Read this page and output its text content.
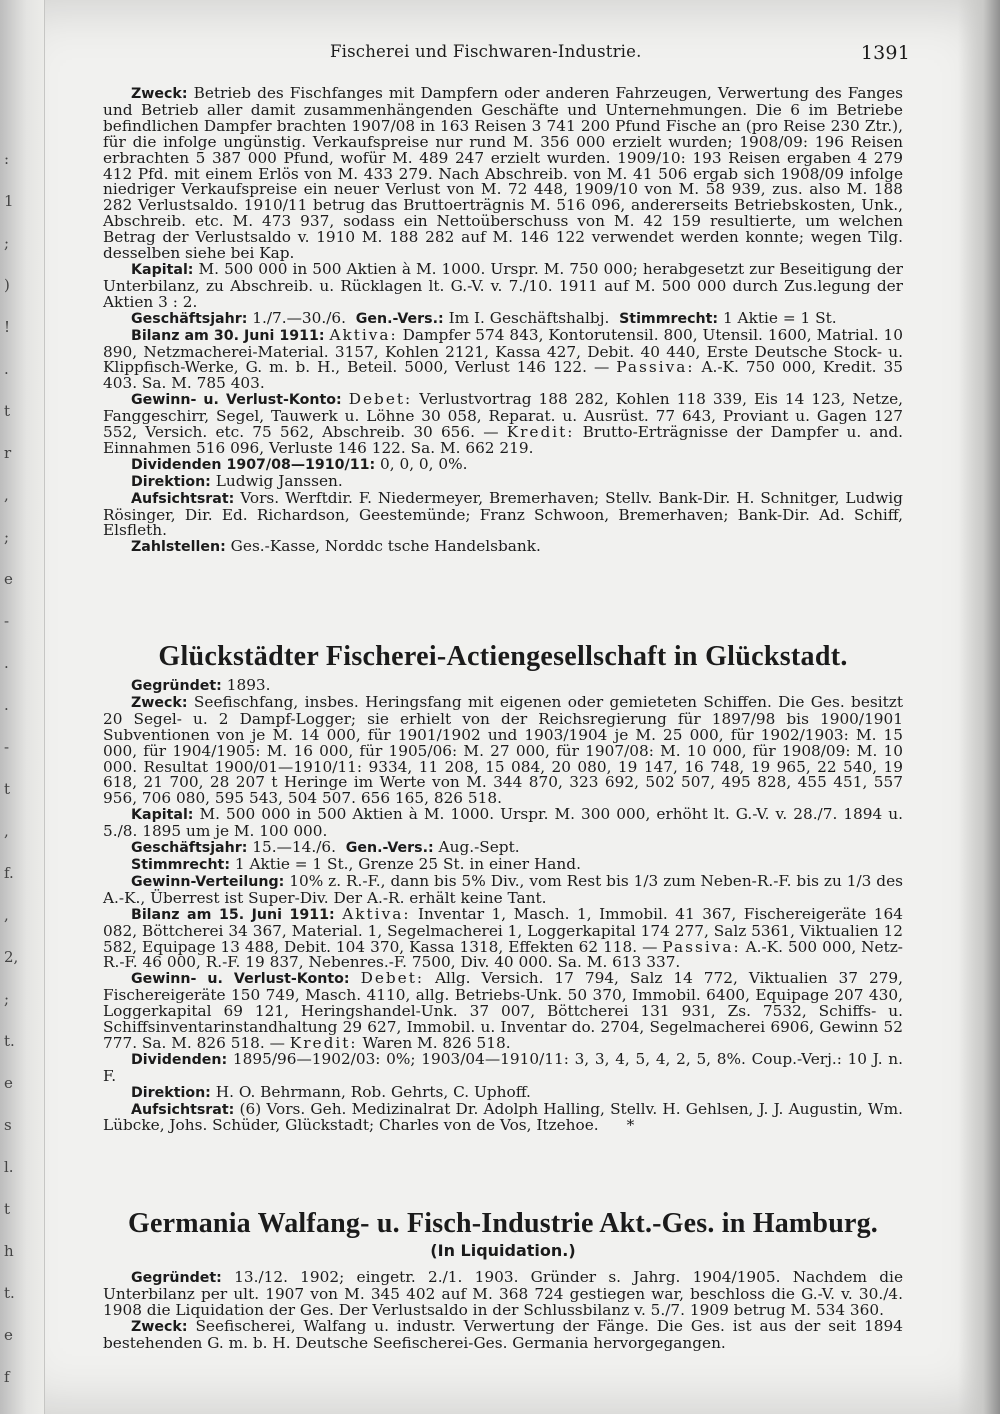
:
1
;
)
!
.
t
r
,
;
e
-
.
.
-
t
,
f.
,
2,
;
t.
e
s
l.
t
h
t.
e
f
Fischerei und Fischwaren-Industrie.	1391

Zweck: Betrieb des Fischfanges mit Dampfern oder anderen Fahrzeugen, Verwertung des Fanges und Betrieb aller damit zusammenhängenden Geschäfte und Unternehmungen. Die 6 im Betriebe befindlichen Dampfer brachten 1907/08 in 163 Reisen 3 741 200 Pfund Fische an (pro Reise 230 Ztr.), für die infolge ungünstig. Verkaufspreise nur rund M. 356 000 erzielt wurden; 1908/09: 196 Reisen erbrachten 5 387 000 Pfund, wofür M. 489 247 erzielt wurden. 1909/10: 193 Reisen ergaben 4 279 412 Pfd. mit einem Erlös von M. 433 279. Nach Abschreib. von M. 41 506 ergab sich 1908/09 infolge niedriger Verkaufspreise ein neuer Verlust von M. 72 448, 1909/10 von M. 58 939, zus. also M. 188 282 Verlustsaldo. 1910/11 betrug das Bruttoerträgnis M. 516 096, andererseits Betriebskosten, Unk., Abschreib. etc. M. 473 937, sodass ein Nettoüberschuss von M. 42 159 resultierte, um welchen Betrag der Verlustsaldo v. 1910 M. 188 282 auf M. 146 122 verwendet werden konnte; wegen Tilg. desselben siehe bei Kap.

Kapital: M. 500 000 in 500 Aktien à M. 1000. Urspr. M. 750 000; herabgesetzt zur Beseitigung der Unterbilanz, zu Abschreib. u. Rücklagen lt. G.-V. v. 7./10. 1911 auf M. 500 000 durch Zus.legung der Aktien 3 : 2.

Geschäftsjahr: 1./7.—30./6. Gen.-Vers.: Im I. Geschäftshalbj. Stimmrecht: 1 Aktie = 1 St.

Bilanz am 30. Juni 1911: Aktiva: Dampfer 574 843, Kontorutensil. 800, Utensil. 1600, Matrial. 10 890, Netzmacherei-Material. 3157, Kohlen 2121, Kassa 427, Debit. 40 440, Erste Deutsche Stock- u. Klippfisch-Werke, G. m. b. H., Beteil. 5000, Verlust 146 122. — Passiva: A.-K. 750 000, Kredit. 35 403. Sa. M. 785 403.

Gewinn- u. Verlust-Konto: Debet: Verlustvortrag 188 282, Kohlen 118 339, Eis 14 123, Netze, Fanggeschirr, Segel, Tauwerk u. Löhne 30 058, Reparat. u. Ausrüst. 77 643, Proviant u. Gagen 127 552, Versich. etc. 75 562, Abschreib. 30 656. — Kredit: Brutto-Erträgnisse der Dampfer u. and. Einnahmen 516 096, Verluste 146 122. Sa. M. 662 219.

Dividenden 1907/08—1910/11: 0, 0, 0, 0%.

Direktion: Ludwig Janssen.

Aufsichtsrat: Vors. Werftdir. F. Niedermeyer, Bremerhaven; Stellv. Bank-Dir. H. Schnitger, Ludwig Rösinger, Dir. Ed. Richardson, Geestemünde; Franz Schwoon, Bremerhaven; Bank-Dir. Ad. Schiff, Elsfleth.

Zahlstellen: Ges.-Kasse, Norddc tsche Handelsbank.

Glückstädter Fischerei-Actiengesellschaft in Glückstadt.

Gegründet: 1893.

Zweck: Seefischfang, insbes. Heringsfang mit eigenen oder gemieteten Schiffen. Die Ges. besitzt 20 Segel- u. 2 Dampf-Logger; sie erhielt von der Reichsregierung für 1897/98 bis 1900/1901 Subventionen von je M. 14 000, für 1901/1902 und 1903/1904 je M. 25 000, für 1902/1903: M. 15 000, für 1904/1905: M. 16 000, für 1905/06: M. 27 000, für 1907/08: M. 10 000, für 1908/09: M. 10 000. Resultat 1900/01—1910/11: 9334, 11 208, 15 084, 20 080, 19 147, 16 748, 19 965, 22 540, 19 618, 21 700, 28 207 t Heringe im Werte von M. 344 870, 323 692, 502 507, 495 828, 455 451, 557 956, 706 080, 595 543, 504 507. 656 165, 826 518.

Kapital: M. 500 000 in 500 Aktien à M. 1000. Urspr. M. 300 000, erhöht lt. G.-V. v. 28./7. 1894 u. 5./8. 1895 um je M. 100 000.

Geschäftsjahr: 15.—14./6. Gen.-Vers.: Aug.-Sept.

Stimmrecht: 1 Aktie = 1 St., Grenze 25 St. in einer Hand.

Gewinn-Verteilung: 10% z. R.-F., dann bis 5% Div., vom Rest bis 1/3 zum Neben-R.-F. bis zu 1/3 des A.-K., Überrest ist Super-Div. Der A.-R. erhält keine Tant.

Bilanz am 15. Juni 1911: Aktiva: Inventar 1, Masch. 1, Immobil. 41 367, Fischereigeräte 164 082, Böttcherei 34 367, Material. 1, Segelmacherei 1, Loggerkapital 174 277, Salz 5361, Viktualien 12 582, Equipage 13 488, Debit. 104 370, Kassa 1318, Effekten 62 118. — Passiva: A.-K. 500 000, Netz-R.-F. 46 000, R.-F. 19 837, Nebenres.-F. 7500, Div. 40 000. Sa. M. 613 337.

Gewinn- u. Verlust-Konto: Debet: Allg. Versich. 17 794, Salz 14 772, Viktualien 37 279, Fischereigeräte 150 749, Masch. 4110, allg. Betriebs-Unk. 50 370, Immobil. 6400, Equipage 207 430, Loggerkapital 69 121, Heringshandel-Unk. 37 007, Böttcherei 131 931, Zs. 7532, Schiffs- u. Schiffsinventarinstandhaltung 29 627, Immobil. u. Inventar do. 2704, Segelmacherei 6906, Gewinn 52 777. Sa. M. 826 518. — Kredit: Waren M. 826 518.

Dividenden: 1895/96—1902/03: 0%; 1903/04—1910/11: 3, 3, 4, 5, 4, 2, 5, 8%. Coup.-Verj.: 10 J. n. F.

Direktion: H. O. Behrmann, Rob. Gehrts, C. Uphoff.

Aufsichtsrat: (6) Vors. Geh. Medizinalrat Dr. Adolph Halling, Stellv. H. Gehlsen, J. J. Augustin, Wm. Lübcke, Johs. Schüder, Glückstadt; Charles von de Vos, Itzehoe. *

Germania Walfang- u. Fisch-Industrie Akt.-Ges. in Hamburg.
(In Liquidation.)

Gegründet: 13./12. 1902; eingetr. 2./1. 1903. Gründer s. Jahrg. 1904/1905. Nachdem die Unterbilanz per ult. 1907 von M. 345 402 auf M. 368 724 gestiegen war, beschloss die G.-V. v. 30./4. 1908 die Liquidation der Ges. Der Verlustsaldo in der Schlussbilanz v. 5./7. 1909 betrug M. 534 360.

Zweck: Seefischerei, Walfang u. industr. Verwertung der Fänge. Die Ges. ist aus der seit 1894 bestehenden G. m. b. H. Deutsche Seefischerei-Ges. Germania hervorgegangen.
